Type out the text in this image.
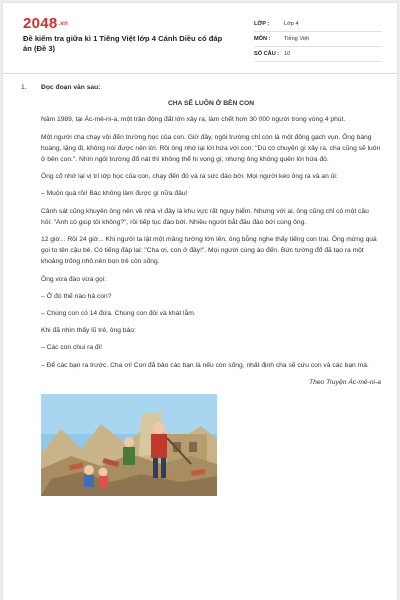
2048.vn
Đề kiểm tra giữa kì 1 Tiếng Việt lớp 4 Cánh Diều có đáp án (Đề 3)
LỚP :	Lớp 4
MÔN :	Tiếng Việt
SỐ CÂU : 10
1.	Đọc đoạn văn sau:
CHA SẼ LUÔN Ở BÊN CON

Năm 1989, tại Ác-mê-ni-a, một trận động đất lớn xảy ra, làm chết hơn 30 000 người trong vòng 4 phút.

Một người cha chạy vội đến trường học của con. Giờ đây, ngôi trường chỉ còn là một đống gạch vụn. Ông bàng hoàng, lặng đi, không nói được nên lời. Rồi ông nhớ lại lời hứa với con: "Dù có chuyện gì xảy ra, cha cũng sẽ luôn ở bên con.". Nhìn ngôi trường đổ nát thì không thể hi vọng gì, nhưng ông không quên lời hứa đó.

Ông cố nhớ lại vị trí lớp học của con, chạy đến đó và ra sức đào bới. Mọi người kéo ông ra và an ủi:

– Muộn quá rồi! Bác không làm được gì nữa đâu!

Cảnh sát cũng khuyên ông nên về nhà vì đây là khu vực rất nguy hiểm. Nhưng với ai, ông cũng chỉ có một câu hỏi: "Anh có giúp tôi không?", rồi tiếp tục đào bới. Nhiều người bắt đầu đào bới cùng ông.

12 giờ... Rồi 24 giờ... Khi người ta lật một mảng tường lớn lên, ông bỗng nghe thấy tiếng con trai. Ông mừng quá gọi to tên cậu bé. Có tiếng đáp lại: "Cha ơi, con ở đây!". Mọi người cùng ào đến. Bức tường đổ đã tạo ra một khoảng trống nhỏ nên bọn trẻ còn sống.

Ông vừa đào vừa gọi:

– Ở đó thế nào hả con?

– Chúng con có 14 đứa. Chúng con đói và khát lắm.

Khi đã nhìn thấy lũ trẻ, ông bảo:

– Các con chui ra đi!

– Để các bạn ra trước. Cha ơi! Con đã bảo các bạn là nếu còn sống, nhất định cha sẽ cứu con và các bạn mà.

Theo Truyện Ác-mê-ni-a
